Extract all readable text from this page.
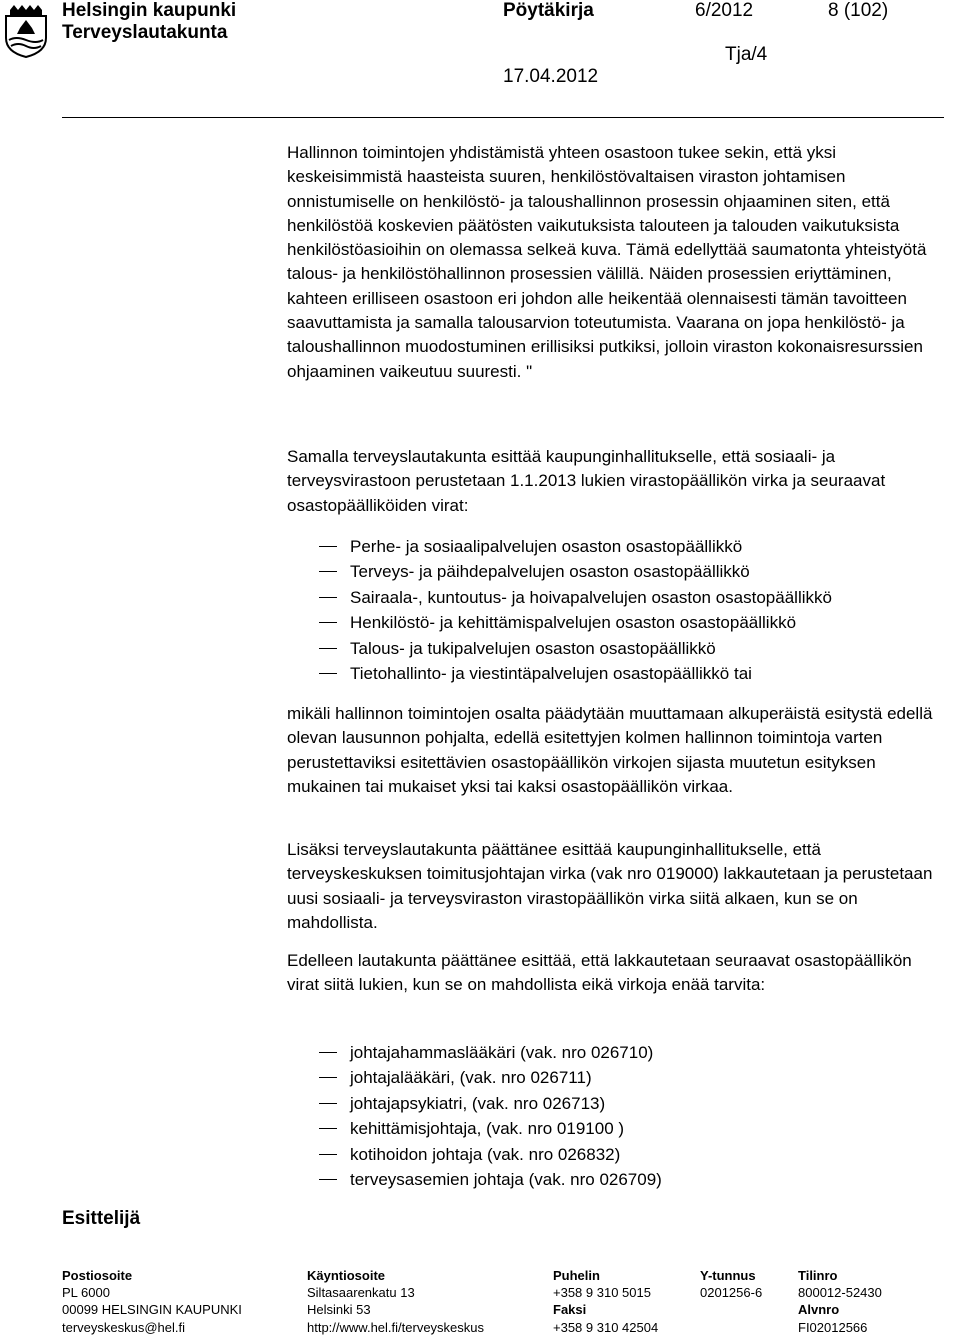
Helsingin kaupunki
Terveyslautakunta
Pöytäkirja	6/2012	8 (102)
Tja/4
17.04.2012

Hallinnon toimintojen yhdistämistä yhteen osastoon tukee sekin, että yksi keskeisimmistä haasteista suuren, henkilöstövaltaisen viraston johtamisen onnistumiselle on henkilöstö- ja taloushallinnon prosessin ohjaaminen siten, että henkilöstöä koskevien päätösten vaikutuksista talouteen ja talouden vaikutuksista henkilöstöasioihin on olemassa selkeä kuva. Tämä edellyttää saumatonta yhteistyötä talous- ja henkilöstöhallinnon prosessien välillä. Näiden prosessien eriyttäminen, kahteen erilliseen osastoon eri johdon alle heikentää olennaisesti tämän tavoitteen saavuttamista ja samalla talousarvion toteutumista. Vaarana on jopa henkilöstö- ja taloushallinnon muodostuminen erillisiksi putkiksi, jolloin viraston kokonaisresurssien ohjaaminen vaikeutuu suuresti. "

Samalla terveyslautakunta esittää kaupunginhallitukselle, että sosiaali- ja terveysvirastoon perustetaan 1.1.2013 lukien virastopäällikön virka ja seuraavat osastopäälliköiden virat:

Perhe- ja sosiaalipalvelujen osaston osastopäällikkö
Terveys- ja päihdepalvelujen osaston osastopäällikkö
Sairaala-, kuntoutus- ja hoivapalvelujen osaston osastopäällikkö
Henkilöstö- ja kehittämispalvelujen osaston osastopäällikkö
Talous- ja tukipalvelujen osaston osastopäällikkö
Tietohallinto- ja viestintäpalvelujen osastopäällikkö tai

mikäli hallinnon toimintojen osalta päädytään muuttamaan alkuperäistä esitystä edellä olevan lausunnon pohjalta, edellä esitettyjen kolmen hallinnon toimintoja varten perustettaviksi esitettävien osastopäällikön virkojen sijasta muutetun esityksen mukainen tai mukaiset yksi tai kaksi osastopäällikön virkaa.

Lisäksi terveyslautakunta päättänee esittää kaupunginhallitukselle, että terveyskeskuksen toimitusjohtajan virka (vak nro 019000) lakkautetaan ja perustetaan uusi sosiaali- ja terveysviraston virastopäällikön virka siitä alkaen, kun se on mahdollista.

Edelleen lautakunta päättänee esittää, että lakkautetaan seuraavat osastopäällikön virat siitä lukien, kun se on mahdollista eikä virkoja enää tarvita:

johtajahammaslääkäri (vak. nro 026710)
johtajalääkäri, (vak. nro 026711)
johtajapsykiatri, (vak. nro 026713)
kehittämisjohtaja, (vak. nro 019100 )
kotihoidon johtaja (vak. nro 026832)
terveysasemien johtaja (vak. nro 026709)
Esittelijä
Postiosoite
PL 6000
00099 HELSINGIN KAUPUNKI
terveyskeskus@hel.fi
Käyntiosoite
Siltasaarenkatu 13
Helsinki 53
http://www.hel.fi/terveyskeskus
Puhelin
+358 9 310 5015
Faksi
+358 9 310 42504
Y-tunnus
0201256-6
Tilinro
800012-52430
Alvnro
FI02012566
